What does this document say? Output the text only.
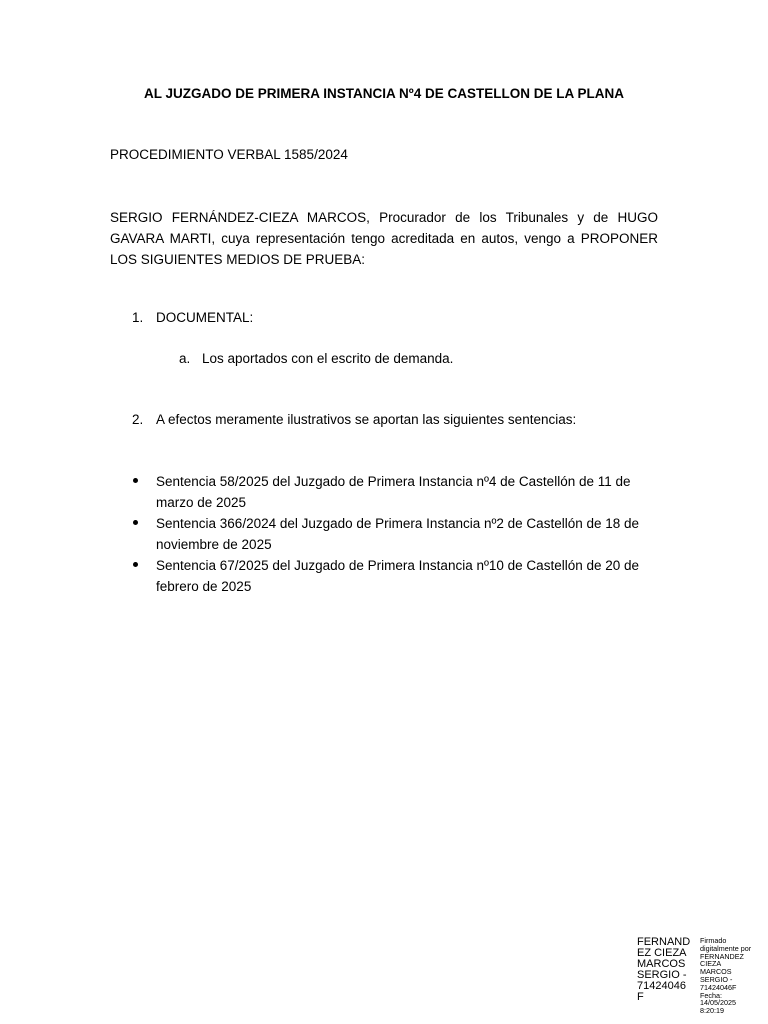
AL JUZGADO DE PRIMERA INSTANCIA Nº4 DE CASTELLON DE LA PLANA
PROCEDIMIENTO VERBAL 1585/2024
SERGIO FERNÁNDEZ-CIEZA MARCOS, Procurador de los Tribunales y de HUGO GAVARA MARTI, cuya representación tengo acreditada en autos, vengo a PROPONER LOS SIGUIENTES MEDIOS DE PRUEBA:
1. DOCUMENTAL:
a. Los aportados con el escrito de demanda.
2. A efectos meramente ilustrativos se aportan las siguientes sentencias:
Sentencia 58/2025 del Juzgado de Primera Instancia nº4 de Castellón de 11 de marzo de 2025
Sentencia 366/2024 del Juzgado de Primera Instancia nº2 de Castellón de 18 de noviembre de 2025
Sentencia 67/2025 del Juzgado de Primera Instancia nº10 de Castellón de 20 de febrero de 2025
FERNAND
EZ CIEZA
MARCOS
SERGIO -
71424046
F
Firmado
digitalmente por
FERNANDEZ
CIEZA
MARCOS
SERGIO -
71424046F
Fecha:
14/05/2025
8:20:19
